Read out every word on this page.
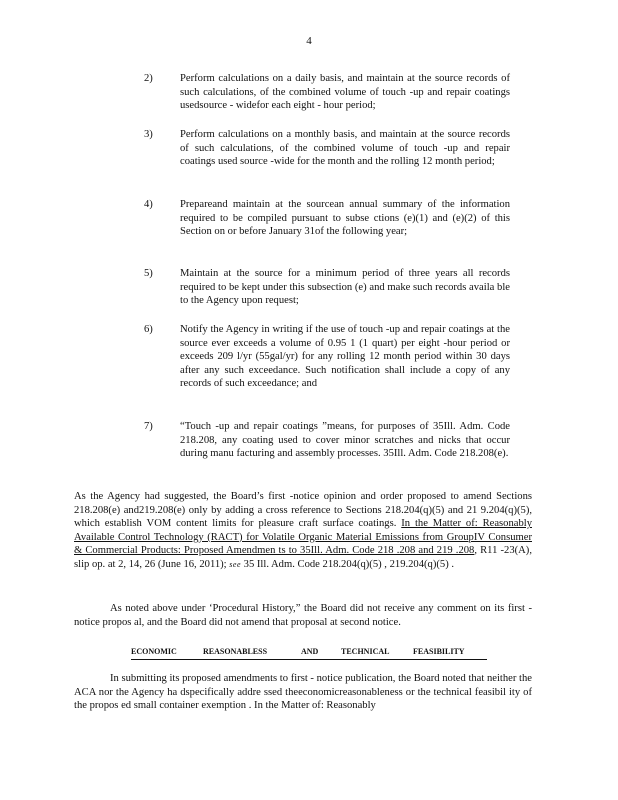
4
2)	Perform calculations on a daily basis, and maintain at the source records of such calculations, of the combined volume of touch -up and repair coatings usedsource - widefor each eight - hour period;
3)	Perform calculations on a monthly basis, and maintain at the source records of such calculations, of the combined volume of touch -up and repair coatings used source -wide for the month and the rolling 12 month period;
4)	Prepareand maintain at the sourcean annual summary of the information required to be compiled pursuant to subse ctions (e)(1) and (e)(2) of this Section on or before January 31of the following year;
5)	Maintain at the source for a minimum period of three years all records required to be kept under this subsection (e) and make such records availa ble to the Agency upon request;
6)	Notify the Agency in writing if the use of touch -up and repair coatings at the source ever exceeds a volume of 0.95 1 (1 quart) per eight -hour period or exceeds 209 l/yr (55gal/yr) for any rolling 12 month period within 30 days after any such exceedance. Such notification shall include a copy of any records of such exceedance; and
7)	“Touch -up and repair coatings ”means, for purposes of 35Ill. Adm. Code 218.208, any coating used to cover minor scratches and nicks that occur during manu facturing and assembly processes. 35Ill. Adm. Code 218.208(e).
As the Agency had suggested, the Board’s first -notice opinion and order proposed to amend Sections 218.208(e) and219.208(e) only by adding a cross reference to Sections 218.204(q)(5) and 21 9.204(q)(5), which establish VOM content limits for pleasure craft surface coatings. In the Matter of: Reasonably Available Control Technology (RACT) for Volatile Organic Material Emissions from GroupIV Consumer & Commercial Products: Proposed Amendmen ts to 35Ill. Adm. Code 218 .208 and 219 .208, R11 -23(A), slip op. at 2, 14, 26 (June 16, 2011); see 35 Ill. Adm. Code 218.204(q)(5) , 219.204(q)(5) .
As noted above under ‘Procedural History,” the Board did not receive any comment on its first - notice propos al, and the Board did not amend that proposal at second notice.
ECONOMIC	REASONABLESS	AND	TECHNICAL	FEASIBILITY
In submitting its proposed amendments to first - notice publication, the Board noted that neither the ACA nor the Agency ha dspecifically addre ssed theeconomicreasonableness or the technical feasibil ity of the propos ed small container exemption . In the Matter of: Reasonably
